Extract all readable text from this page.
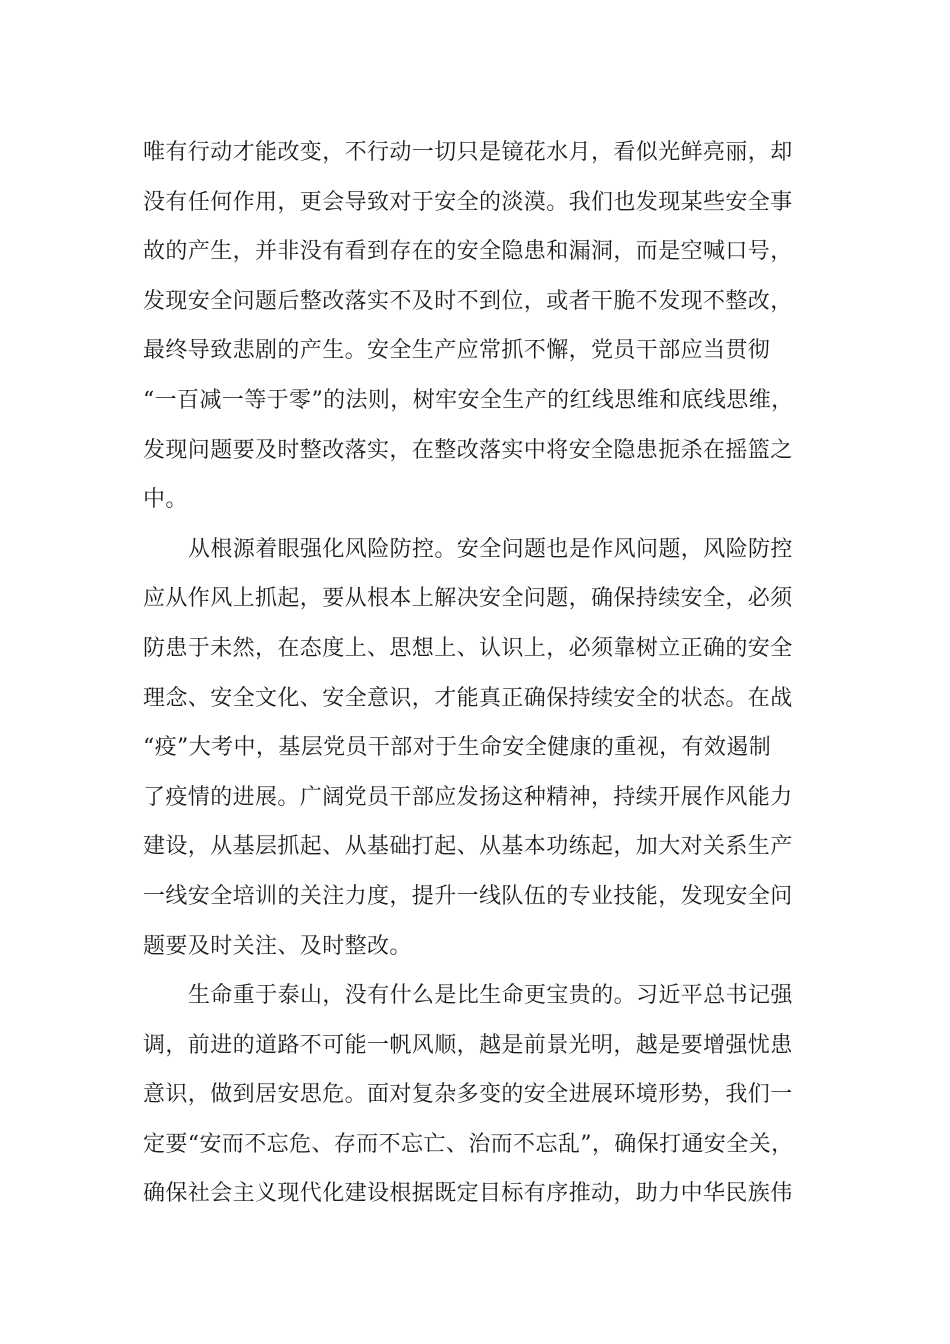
唯有行动才能改变，不行动一切只是镜花水月，看似光鲜亮丽，却
没有任何作用，更会导致对于安全的淡漠。我们也发现某些安全事
故的产生，并非没有看到存在的安全隐患和漏洞，而是空喊口号，
发现安全问题后整改落实不及时不到位，或者干脆不发现不整改，
最终导致悲剧的产生。安全生产应常抓不懈，党员干部应当贯彻
“一百减一等于零”的法则，树牢安全生产的红线思维和底线思维，
发现问题要及时整改落实，在整改落实中将安全隐患扼杀在摇篮之
中。
从根源着眼强化风险防控。安全问题也是作风问题，风险防控
应从作风上抓起，要从根本上解决安全问题，确保持续安全，必须
防患于未然，在态度上、思想上、认识上，必须靠树立正确的安全
理念、安全文化、安全意识，才能真正确保持续安全的状态。在战
“疫”大考中，基层党员干部对于生命安全健康的重视，有效遏制
了疫情的进展。广阔党员干部应发扬这种精神，持续开展作风能力
建设，从基层抓起、从基础打起、从基本功练起，加大对关系生产
一线安全培训的关注力度，提升一线队伍的专业技能，发现安全问
题要及时关注、及时整改。
生命重于泰山，没有什么是比生命更宝贵的。习近平总书记强
调，前进的道路不可能一帆风顺，越是前景光明，越是要增强忧患
意识，做到居安思危。面对复杂多变的安全进展环境形势，我们一
定要“安而不忘危、存而不忘亡、治而不忘乱”，确保打通安全关，
确保社会主义现代化建设根据既定目标有序推动，助力中华民族伟
